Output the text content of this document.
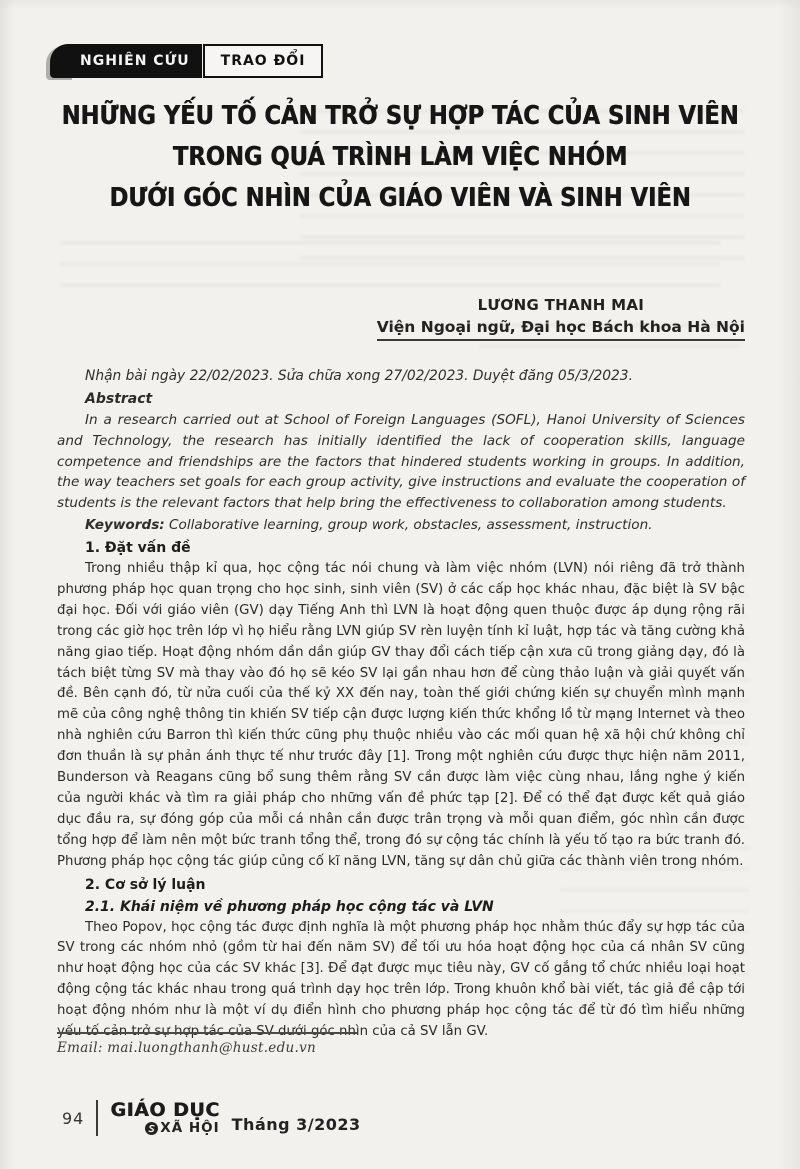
NGHIÊN CỨU	TRAO ĐỔI
NHỮNG YẾU TỐ CẢN TRỞ SỰ HỢP TÁC CỦA SINH VIÊN
TRONG QUÁ TRÌNH LÀM VIỆC NHÓM
DƯỚI GÓC NHÌN CỦA GIÁO VIÊN VÀ SINH VIÊN
LƯƠNG THANH MAI
Viện Ngoại ngữ, Đại học Bách khoa Hà Nội
Nhận bài ngày 22/02/2023. Sửa chữa xong 27/02/2023. Duyệt đăng 05/3/2023.
Abstract
In a research carried out at School of Foreign Languages (SOFL), Hanoi University of Sciences and Technology, the research has initially identified the lack of cooperation skills, language competence and friendships are the factors that hindered students working in groups. In addition, the way teachers set goals for each group activity, give instructions and evaluate the cooperation of students is the relevant factors that help bring the effectiveness to collaboration among students.
Keywords: Collaborative learning, group work, obstacles, assessment, instruction.
1. Đặt vấn đề
Trong nhiều thập kỉ qua, học cộng tác nói chung và làm việc nhóm (LVN) nói riêng đã trở thành phương pháp học quan trọng cho học sinh, sinh viên (SV) ở các cấp học khác nhau, đặc biệt là SV bậc đại học. Đối với giáo viên (GV) dạy Tiếng Anh thì LVN là hoạt động quen thuộc được áp dụng rộng rãi trong các giờ học trên lớp vì họ hiểu rằng LVN giúp SV rèn luyện tính kỉ luật, hợp tác và tăng cường khả năng giao tiếp. Hoạt động nhóm dần dần giúp GV thay đổi cách tiếp cận xưa cũ trong giảng dạy, đó là tách biệt từng SV mà thay vào đó họ sẽ kéo SV lại gần nhau hơn để cùng thảo luận và giải quyết vấn đề. Bên cạnh đó, từ nửa cuối của thế kỷ XX đến nay, toàn thế giới chứng kiến sự chuyển mình mạnh mẽ của công nghệ thông tin khiến SV tiếp cận được lượng kiến thức khổng lồ từ mạng Internet và theo nhà nghiên cứu Barron thì kiến thức cũng phụ thuộc nhiều vào các mối quan hệ xã hội chứ không chỉ đơn thuần là sự phản ánh thực tế như trước đây [1]. Trong một nghiên cứu được thực hiện năm 2011, Bunderson và Reagans cũng bổ sung thêm rằng SV cần được làm việc cùng nhau, lắng nghe ý kiến của người khác và tìm ra giải pháp cho những vấn đề phức tạp [2]. Để có thể đạt được kết quả giáo dục đầu ra, sự đóng góp của mỗi cá nhân cần được trân trọng và mỗi quan điểm, góc nhìn cần được tổng hợp để làm nên một bức tranh tổng thể, trong đó sự cộng tác chính là yếu tố tạo ra bức tranh đó. Phương pháp học cộng tác giúp củng cố kĩ năng LVN, tăng sự dân chủ giữa các thành viên trong nhóm.
2. Cơ sở lý luận
2.1. Khái niệm về phương pháp học cộng tác và LVN
Theo Popov, học cộng tác được định nghĩa là một phương pháp học nhằm thúc đẩy sự hợp tác của SV trong các nhóm nhỏ (gồm từ hai đến năm SV) để tối ưu hóa hoạt động học của cá nhân SV cũng như hoạt động học của các SV khác [3]. Để đạt được mục tiêu này, GV cố gắng tổ chức nhiều loại hoạt động cộng tác khác nhau trong quá trình dạy học trên lớp. Trong khuôn khổ bài viết, tác giả đề cập tới hoạt động nhóm như là một ví dụ điển hình cho phương pháp học cộng tác để từ đó tìm hiểu những yếu tố cản trở sự hợp tác của SV dưới góc nhìn của cả SV lẫn GV.
Email: mai.luongthanh@hust.edu.vn
94 GIÁO DỤC
XÃ HỘI Tháng 3/2023
